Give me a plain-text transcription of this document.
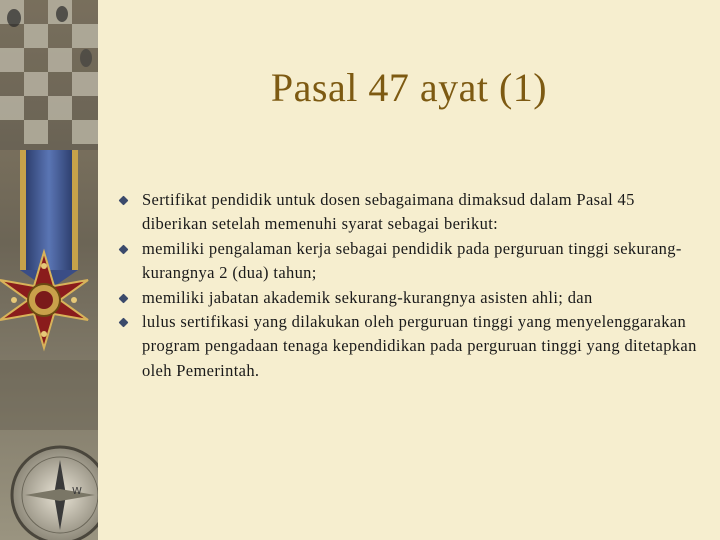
W
Pasal 47 ayat (1)
Sertifikat pendidik untuk dosen sebagaimana dimaksud dalam Pasal 45 diberikan setelah memenuhi syarat sebagai berikut:
memiliki pengalaman kerja sebagai pendidik pada perguruan tinggi sekurang-kurangnya 2 (dua) tahun;
memiliki jabatan akademik sekurang-kurangnya asisten ahli; dan
lulus sertifikasi yang dilakukan oleh perguruan tinggi yang menyelenggarakan program pengadaan tenaga kependidikan pada perguruan tinggi yang ditetapkan oleh Pemerintah.
